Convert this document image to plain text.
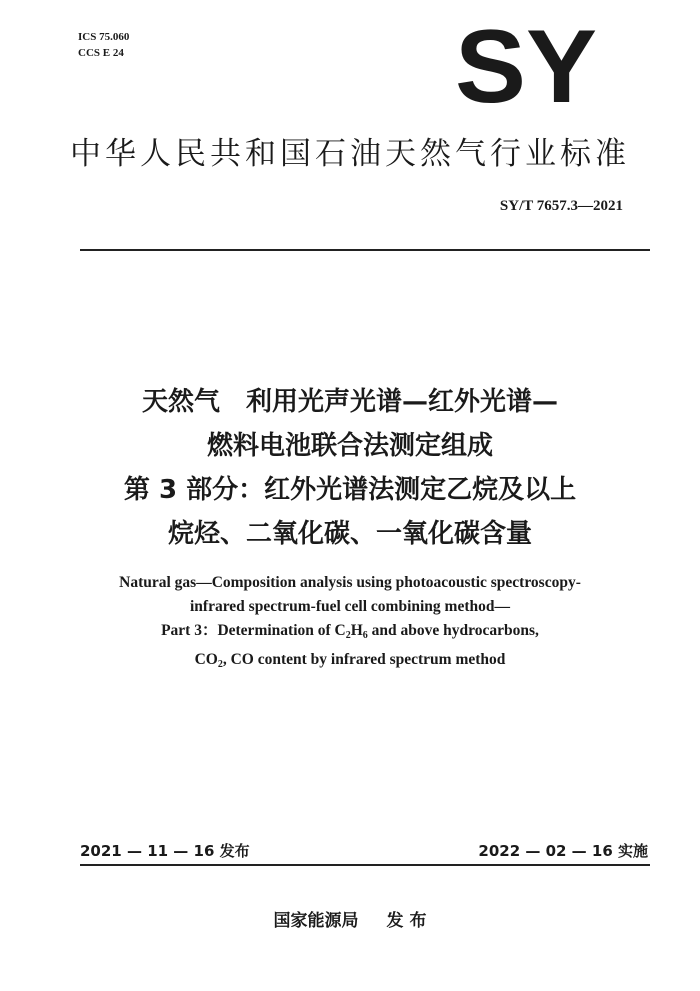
ICS 75.060
CCS E 24	SY
中华人民共和国石油天然气行业标准
SY/T 7657.3—2021
天然气　利用光声光谱—红外光谱—
燃料电池联合法测定组成
第 3 部分：红外光谱法测定乙烷及以上
烷烃、二氧化碳、一氧化碳含量
Natural gas—Composition analysis using photoacoustic spectroscopy-
infrared spectrum-fuel cell combining method—
Part 3：Determination of $C_2H_6$ and above hydrocarbons,
$CO_2$, CO content by infrared spectrum method
2021 — 11 — 16 发布	2022 — 02 — 16 实施
国家能源局 发 布
